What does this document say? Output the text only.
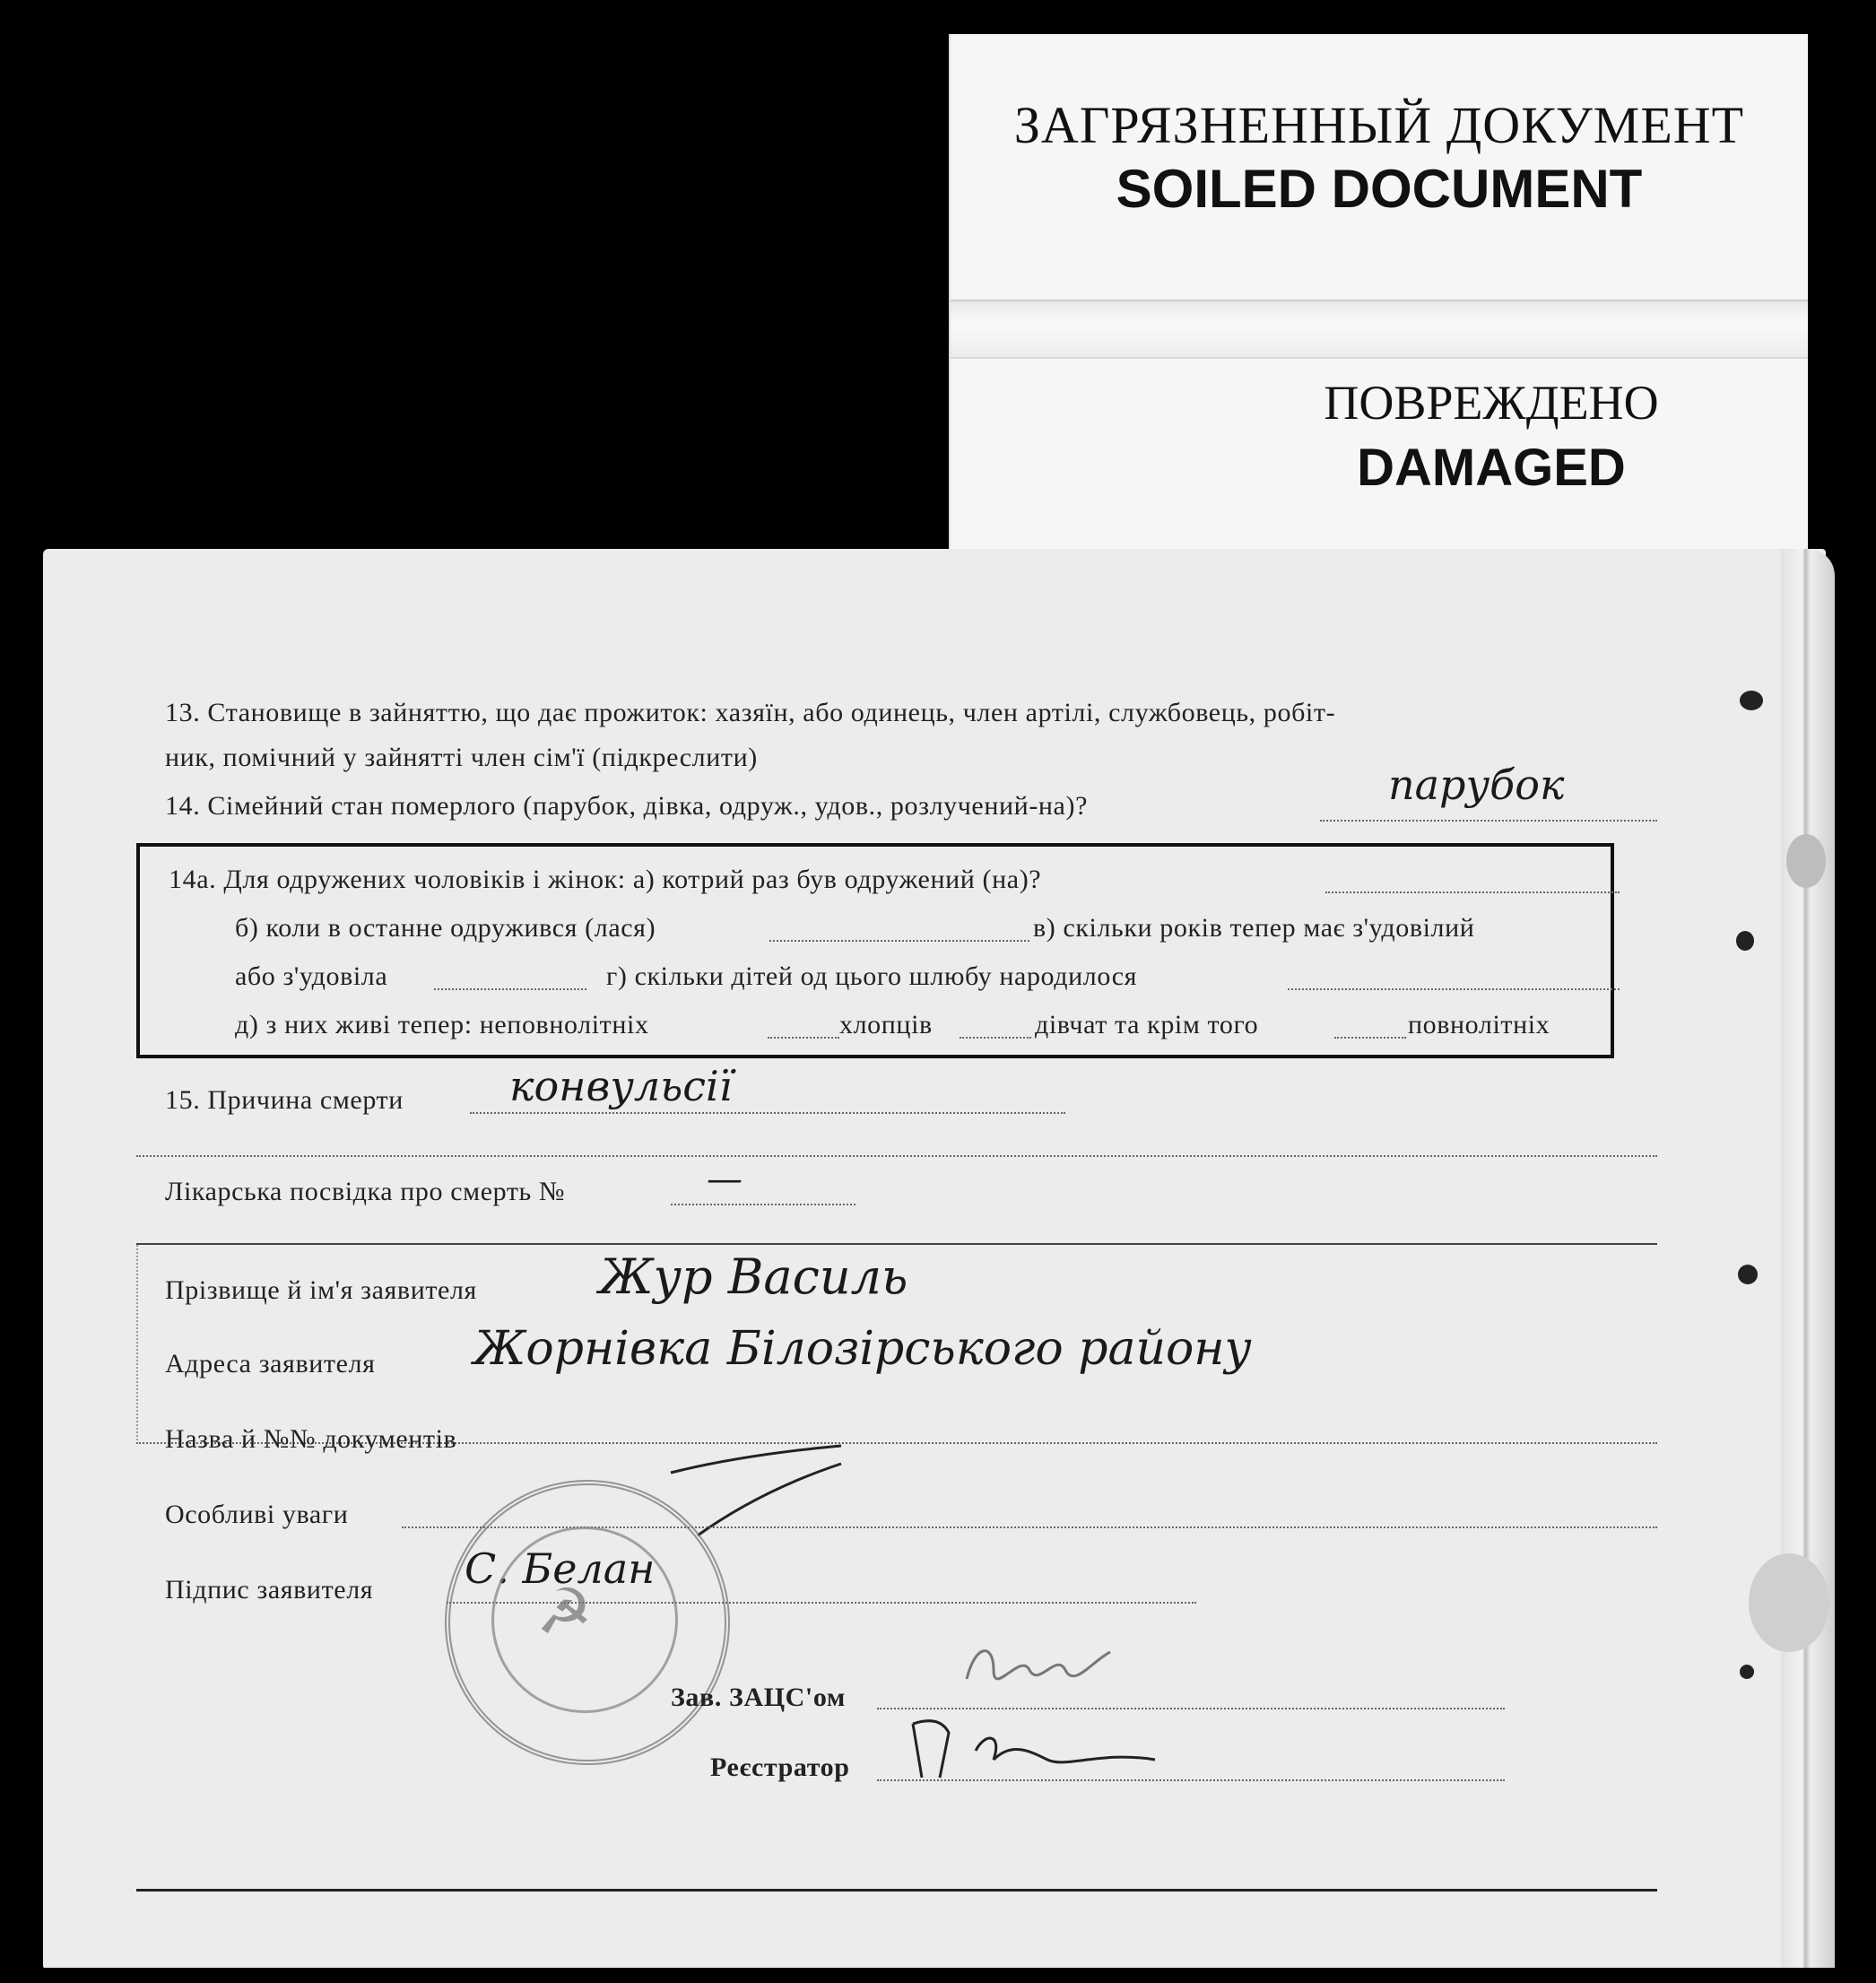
ЗАГРЯЗНЕННЫЙ ДОКУМЕНТ
SOILED DOCUMENT
ПОВРЕЖДЕНО
DAMAGED
13. Становище в зайняттю, що дає прожиток: хазяїн, або одинець, член артілі, службовець, робіт-
ник, помічний у зайнятті член сім'ї (підкреслити)
14. Сімейний стан померлого (парубок, дівка, одруж., удов., розлучений-на)?	парубок
14а. Для одружених чоловіків і жінок: а) котрий раз був одружений (на)?
б) коли в останне одружився (лася)	в) скільки років тепер має з'удовілий
або з'удовіла	г) скільки дітей од цього шлюбу народилося
д) з них живі тепер: неповнолітніх	хлопців	дівчат та крім того	повнолітніх
15. Причина смерти	конвульсії
Лікарська посвідка про смерть №	—
Прізвище й ім'я заявителя	Жур Василь
Адреса заявителя Жорнівка Білозірського району
Назва й №№ документів
Особливі уваги
Підпис заявителя С. Белан
☭
Зав. ЗАЦС'ом
Реєстратор
